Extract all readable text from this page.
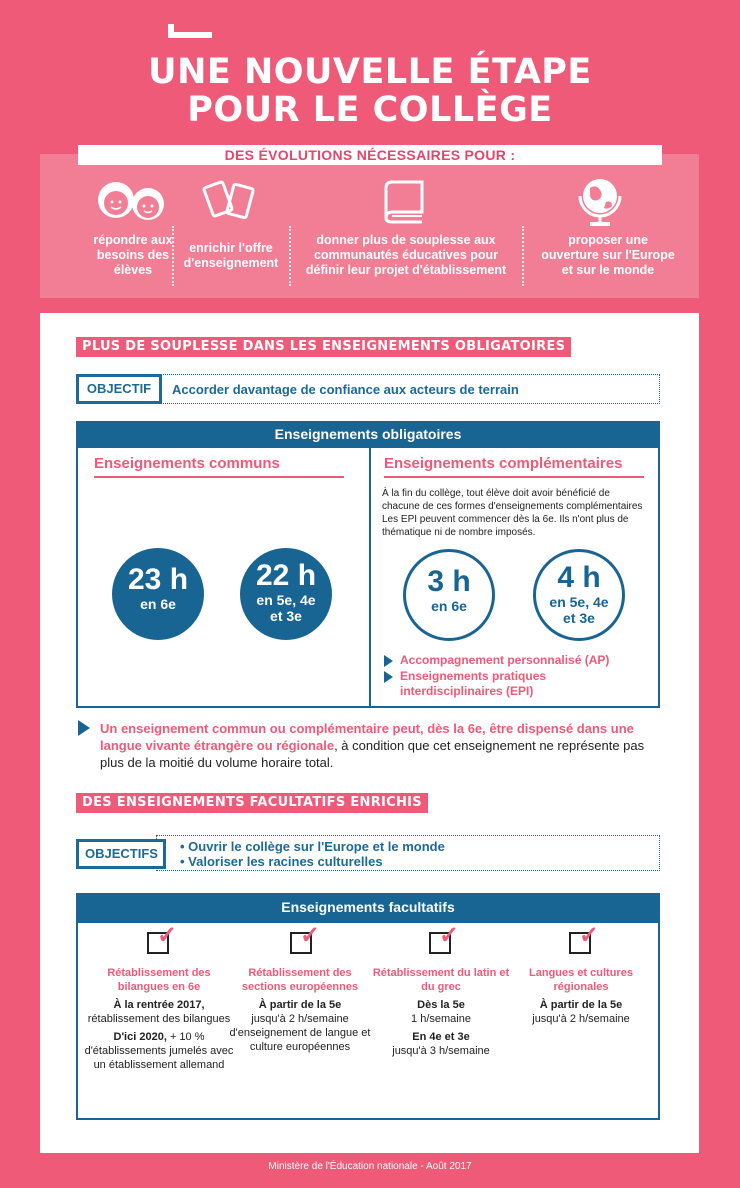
UNE NOUVELLE ÉTAPE
POUR LE COLLÈGE
DES ÉVOLUTIONS NÉCESSAIRES POUR :
répondre aux besoins des élèves
enrichir l'offre d'enseignement
donner plus de souplesse aux communautés éducatives pour définir leur projet d'établissement
proposer une ouverture sur l'Europe et sur le monde
PLUS DE SOUPLESSE DANS LES ENSEIGNEMENTS OBLIGATOIRES
OBJECTIF	Accorder davantage de confiance aux acteurs de terrain
Enseignements obligatoires
Enseignements communs
23 h
en 6e
22 h
en 5e, 4e
et 3e
Enseignements complémentaires
À la fin du collège, tout élève doit avoir bénéficié de chacune de ces formes d'enseignements complémentaires
Les EPI peuvent commencer dès la 6e. Ils n'ont plus de thématique ni de nombre imposés.
3 h
en 6e
4 h
en 5e, 4e
et 3e
Accompagnement personnalisé (AP)
Enseignements pratiques interdisciplinaires (EPI)
Un enseignement commun ou complémentaire peut, dès la 6e, être dispensé dans une langue vivante étrangère ou régionale, à condition que cet enseignement ne représente pas plus de la moitié du volume horaire total.
DES ENSEIGNEMENTS FACULTATIFS ENRICHIS
OBJECTIFS	• Ouvrir le collège sur l'Europe et le monde
• Valoriser les racines culturelles
Enseignements facultatifs
✓	✓	✓	✓
Rétablissement des bilangues en 6e
À la rentrée 2017,
rétablissement des bilangues
D'ici 2020, + 10 % d'établissements jumelés avec un établissement allemand
Rétablissement des sections européennes
À partir de la 5e
jusqu'à 2 h/semaine d'enseignement de langue et culture européennes
Rétablissement du latin et du grec
Dès la 5e
1 h/semaine
En 4e et 3e
jusqu'à 3 h/semaine
Langues et cultures régionales
À partir de la 5e
jusqu'à 2 h/semaine
Ministère de l'Éducation nationale - Août 2017
